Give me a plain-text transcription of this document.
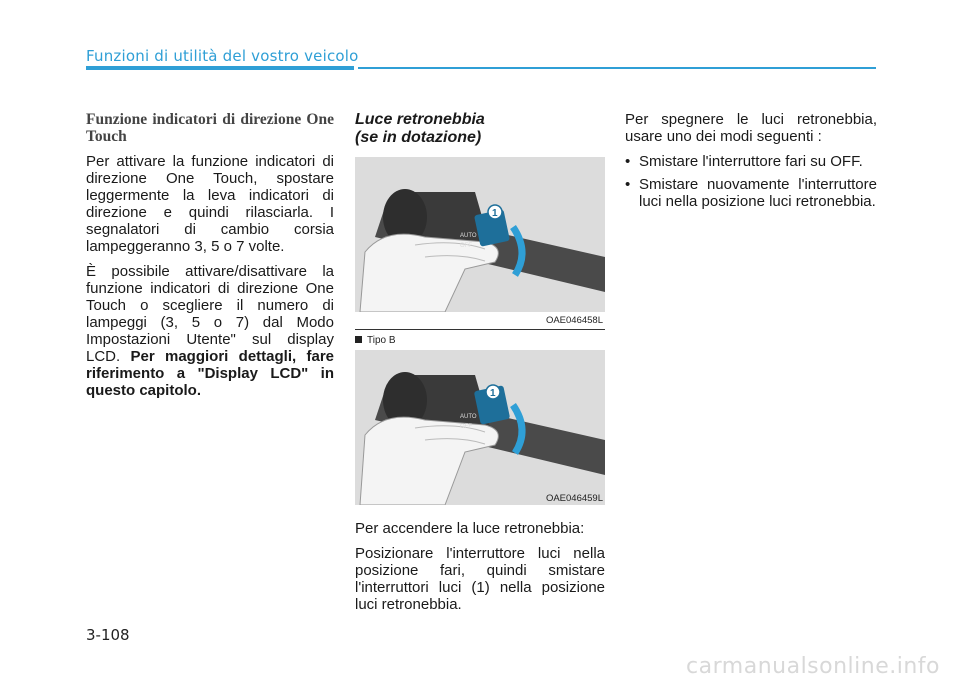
Funzioni di utilità del vostro veicolo
Funzione indicatori di direzione One Touch

Per attivare la funzione indicatori di direzione One Touch, spostare leggermente la leva indicatori di direzione e quindi rilasciarla. I segnalatori di cambio corsia lampeggeranno 3, 5 o 7 volte.

È possibile attivare/disattivare la funzione indicatori di direzione One Touch o scegliere il numero di lampeggi (3, 5 o 7) dal Modo Impostazioni Utente" sul display LCD. Per maggiori dettagli, fare riferimento a "Display LCD" in questo capitolo.

Luce retronebbia
(se in dotazione)
1
AUTO
OFF
OAE046458L
Tipo B
1
AUTO
OFF
OAE046459L

Per accendere la luce retronebbia:

Posizionare l'interruttore luci nella posizione fari, quindi smistare l'interruttori luci (1) nella posizione luci retronebbia.

Per spegnere le luci retronebbia, usare uno dei modi seguenti :

• Smistare l'interruttore fari su OFF.
• Smistare nuovamente l'interruttore luci nella posizione luci retronebbia.
3-108
carmanualsonline.info
